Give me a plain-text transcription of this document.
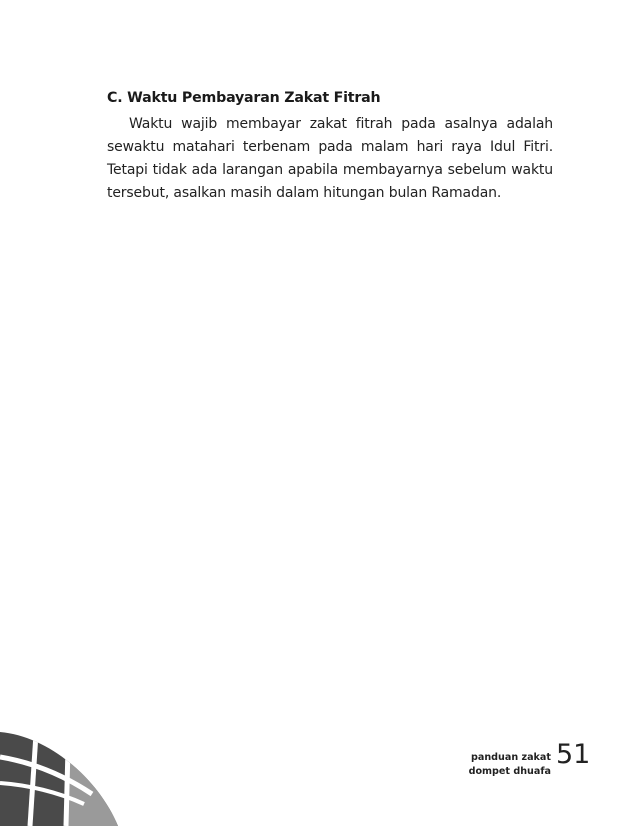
C. Waktu Pembayaran Zakat Fitrah

Waktu wajib membayar zakat fitrah pada asalnya adalah sewaktu matahari terbenam pada malam hari raya Idul Fitri. Tetapi tidak ada larangan apabila membayarnya sebelum waktu tersebut, asalkan masih dalam hitungan bulan Ramadan.

panduan zakat
dompet dhuafa
51
